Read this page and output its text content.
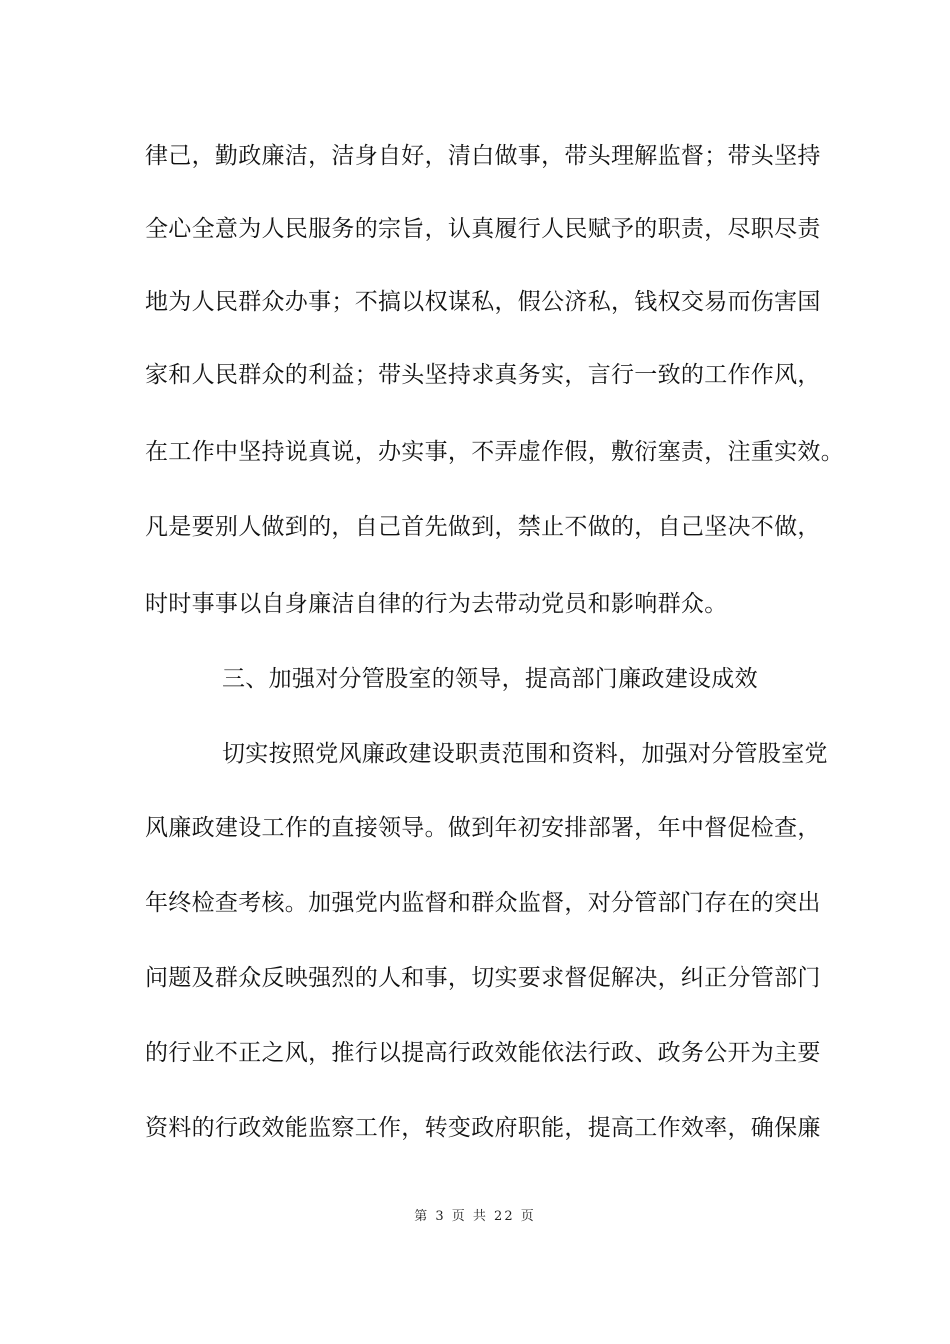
律己，勤政廉洁，洁身自好，清白做事，带头理解监督；带头坚持
全心全意为人民服务的宗旨，认真履行人民赋予的职责，尽职尽责
地为人民群众办事；不搞以权谋私，假公济私，钱权交易而伤害国
家和人民群众的利益；带头坚持求真务实，言行一致的工作作风，
在工作中坚持说真说，办实事，不弄虚作假，敷衍塞责，注重实效。
凡是要别人做到的，自己首先做到，禁止不做的，自己坚决不做，
时时事事以自身廉洁自律的行为去带动党员和影响群众。
三、加强对分管股室的领导，提高部门廉政建设成效
切实按照党风廉政建设职责范围和资料，加强对分管股室党
风廉政建设工作的直接领导。做到年初安排部署，年中督促检查，
年终检查考核。加强党内监督和群众监督，对分管部门存在的突出
问题及群众反映强烈的人和事，切实要求督促解决，纠正分管部门
的行业不正之风，推行以提高行政效能依法行政、政务公开为主要
资料的行政效能监察工作，转变政府职能，提高工作效率，确保廉
第 3 页 共 22 页
